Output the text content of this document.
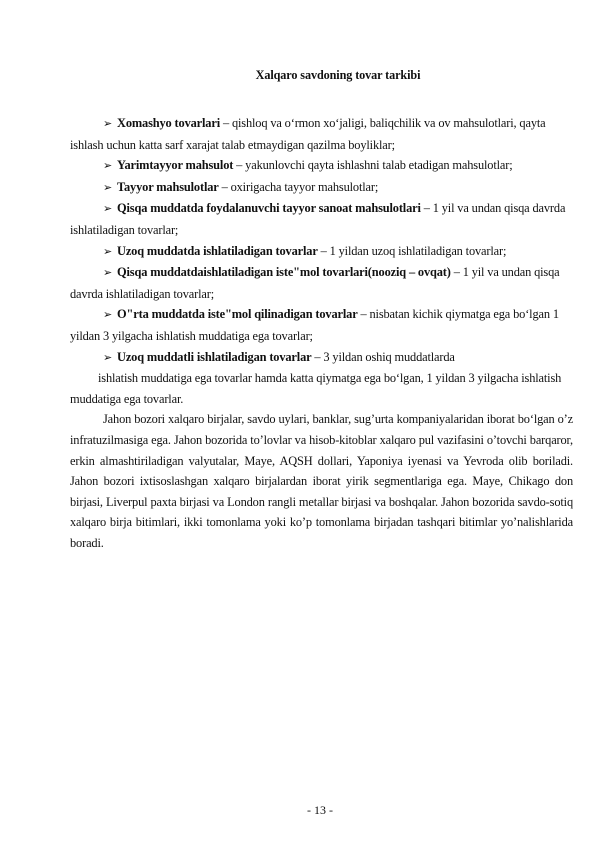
Xalqaro savdoning tovar tarkibi

➢ Xomashyo tovarlari – qishloq va o‘rmon xo‘jaligi, baliqchilik va ov mahsulotlari, qayta ishlash uchun katta sarf xarajat talab etmaydigan qazilma boyliklar;

➢ Yarimtayyor mahsulot – yakunlovchi qayta ishlashni talab etadigan mahsulotlar;

➢ Tayyor mahsulotlar – oxirigacha tayyor mahsulotlar;

➢ Qisqa muddatda foydalanuvchi tayyor sanoat mahsulotlari – 1 yil va undan qisqa davrda ishlatiladigan tovarlar;

➢ Uzoq muddatda ishlatiladigan tovarlar – 1 yildan uzoq ishlatiladigan tovarlar;

➢ Qisqa muddatdaishlatiladigan iste"mol tovarlari(nooziq – ovqat) – 1 yil va undan qisqa davrda ishlatiladigan tovarlar;

➢ O"rta muddatda iste"mol qilinadigan tovarlar – nisbatan kichik qiymatga ega bo‘lgan 1 yildan 3 yilgacha ishlatish muddatiga ega tovarlar;

➢ Uzoq muddatli ishlatiladigan tovarlar – 3 yildan oshiq muddatlarda

ishlatish muddatiga ega tovarlar hamda katta qiymatga ega bo‘lgan, 1 yildan 3 yilgacha ishlatish muddatiga ega tovarlar.

Jahon bozori xalqaro birjalar, savdo uylari, banklar, sug’urta kompaniyalaridan iborat bo‘lgan o’z infratuzilmasiga ega. Jahon bozorida to’lovlar va hisob-kitoblar xalqaro pul vazifasini o’tovchi barqaror, erkin almashtiriladigan valyutalar, Maye, AQSH dollari, Yaponiya iyenasi va Yevroda olib boriladi. Jahon bozori ixtisoslashgan xalqaro birjalardan iborat yirik segmentlariga ega. Maye, Chikago don birjasi, Liverpul paxta birjasi va London rangli metallar birjasi va boshqalar. Jahon bozorida savdo-sotiq xalqaro birja bitimlari, ikki tomonlama yoki ko’p tomonlama birjadan tashqari bitimlar yo’nalishlarida boradi.

- 13 -
